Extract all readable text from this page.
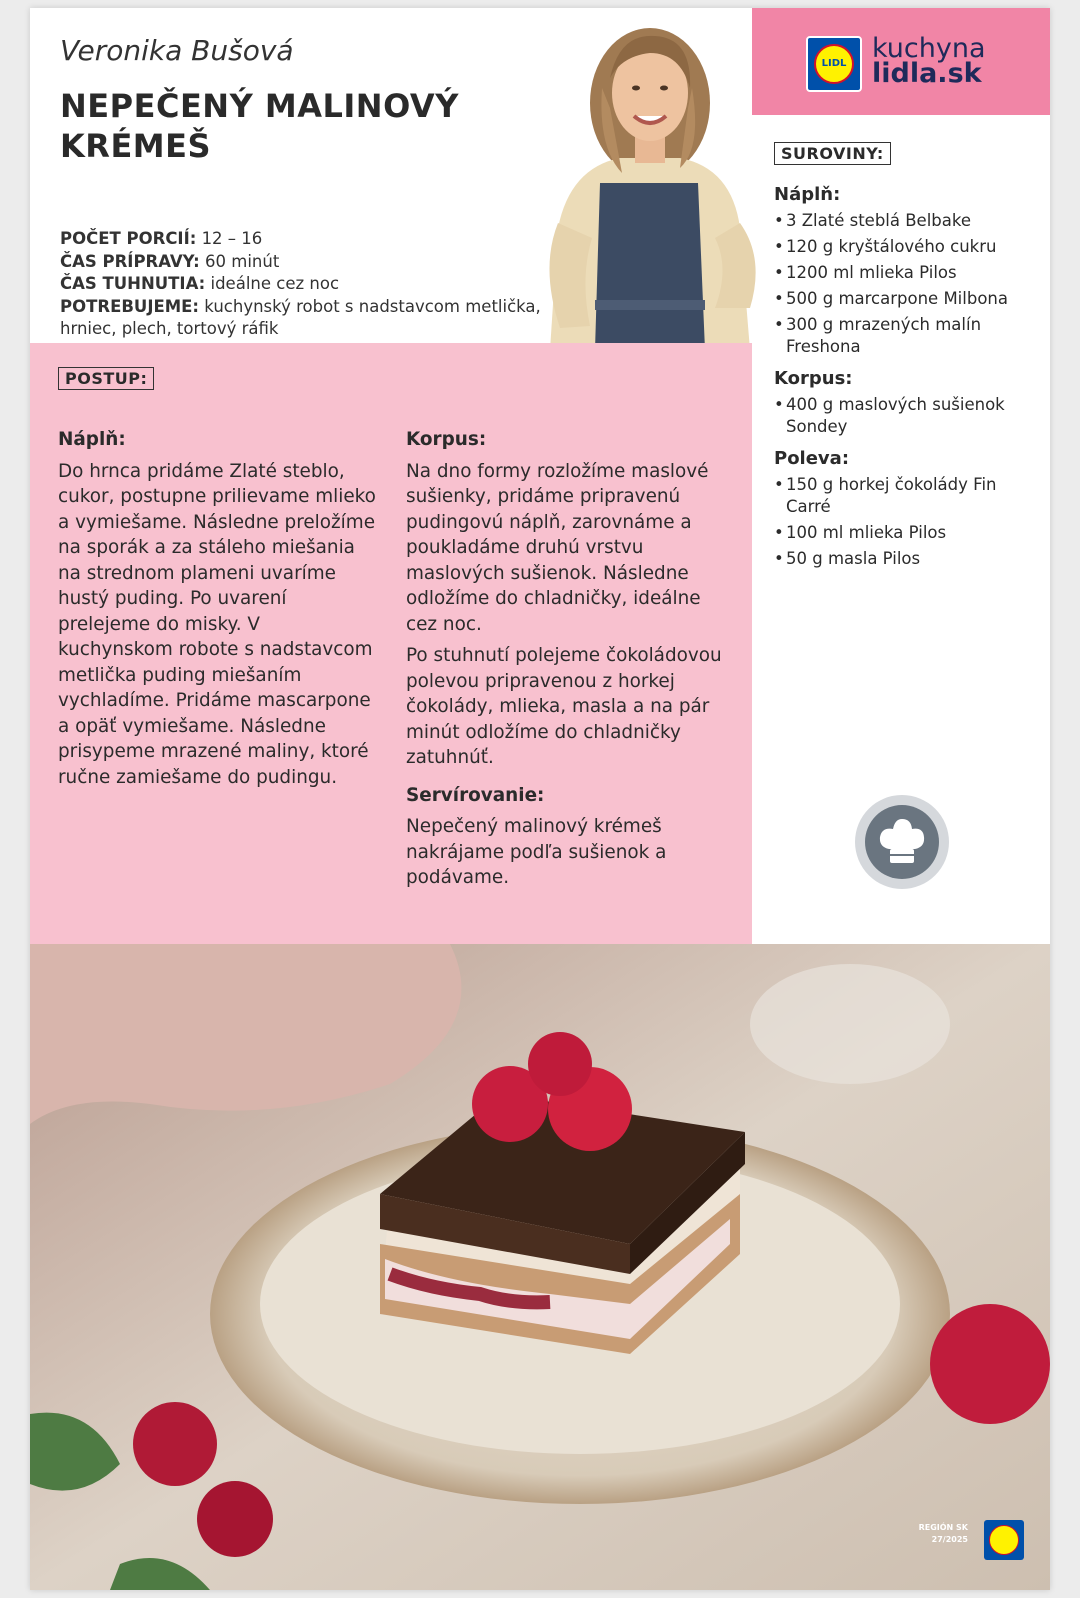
Veronika Bušová
NEPEČENÝ MALINOVÝ
KRÉMEŠ
POČET PORCIÍ: 12 – 16
ČAS PRÍPRAVY: 60 minút
ČAS TUHNUTIA: ideálne cez noc
POTREBUJEME: kuchynský robot s nadstavcom metlička, hrniec, plech, tortový ráfik
LIDL kuchyna
lidla.sk
SUROVINY:
Náplň:
• 3 Zlaté steblá Belbake
• 120 g kryštálového cukru
• 1200 ml mlieka Pilos
• 500 g marcarpone Milbona
• 300 g mrazených malín Freshona
Korpus:
• 400 g maslových sušienok Sondey
Poleva:
• 150 g horkej čokolády Fin Carré
• 100 ml mlieka Pilos
• 50 g masla Pilos
POSTUP:
Náplň:

Do hrnca pridáme Zlaté steblo, cukor, postupne prilievame mlieko a vymiešame. Následne preložíme na sporák a za stáleho miešania na strednom plameni uvaríme hustý puding. Po uvarení prelejeme do misky. V kuchynskom robote s nadstavcom metlička puding miešaním vychladíme. Pridáme mascarpone a opäť vymiešame. Následne prisypeme mrazené maliny, ktoré ručne zamiešame do pudingu.

Korpus:

Na dno formy rozložíme maslové sušienky, pridáme pripravenú pudingovú náplň, zarovnáme a poukladáme druhú vrstvu maslových sušienok. Následne odložíme do chladničky, ideálne cez noc.

Po stuhnutí polejeme čokoládovou polevou pripravenou z horkej čokolády, mlieka, masla a na pár minút odložíme do chladničky zatuhnúť.

Servírovanie:

Nepečený malinový krémeš nakrájame podľa sušienok a podávame.

REGIÓN SK
27/2025
